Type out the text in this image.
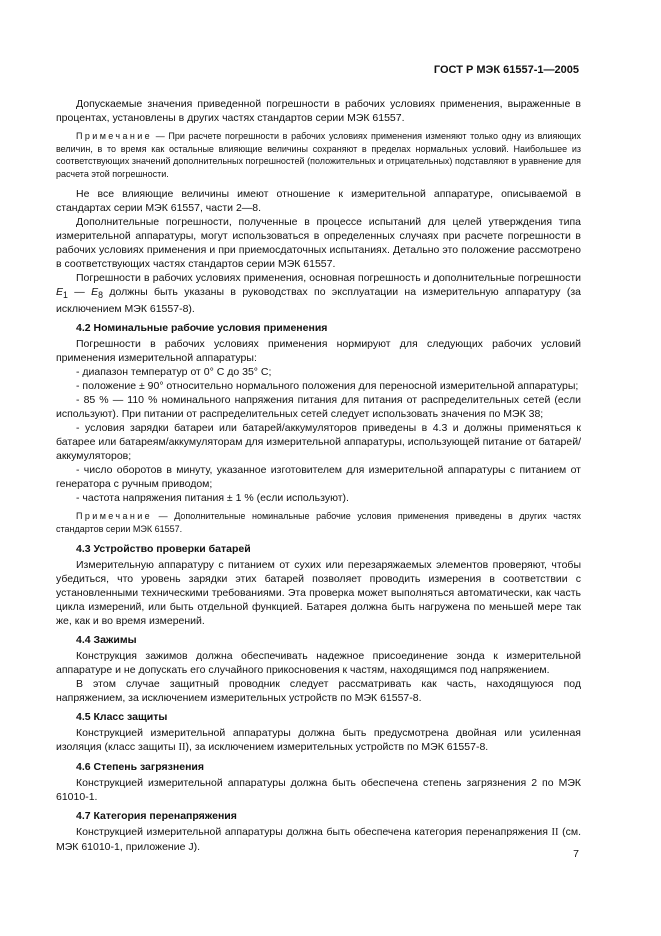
ГОСТ Р МЭК 61557-1—2005

Допускаемые значения приведенной погрешности в рабочих условиях применения, выраженные в процентах, установлены в других частях стандартов серии МЭК 61557.

Примечание — При расчете погрешности в рабочих условиях применения изменяют только одну из влияющих величин, в то время как остальные влияющие величины сохраняют в пределах нормальных условий. Наибольшее из соответствующих значений дополнительных погрешностей (положительных и отрицательных) подставляют в уравнение для расчета этой погрешности.

Не все влияющие величины имеют отношение к измерительной аппаратуре, описываемой в стандартах серии МЭК 61557, части 2—8.

Дополнительные погрешности, полученные в процессе испытаний для целей утверждения типа измерительной аппаратуры, могут использоваться в определенных случаях при расчете погрешности в рабочих условиях применения и при приемосдаточных испытаниях. Детально это положение рассмотрено в соответствующих частях стандартов серии МЭК 61557.

Погрешности в рабочих условиях применения, основная погрешность и дополнительные погрешности $E_1$ — $E_8$ должны быть указаны в руководствах по эксплуатации на измерительную аппаратуру (за исключением МЭК 61557-8).

4.2 Номинальные рабочие условия применения

Погрешности в рабочих условиях применения нормируют для следующих рабочих условий применения измерительной аппаратуры:

- диапазон температур от 0° С до 35° С;

- положение ± 90° относительно нормального положения для переносной измерительной аппаратуры;

- 85 % — 110 % номинального напряжения питания для питания от распределительных сетей (если используют). При питании от распределительных сетей следует использовать значения по МЭК 38;

- условия зарядки батареи или батарей/аккумуляторов приведены в 4.3 и должны применяться к батарее или батареям/аккумуляторам для измерительной аппаратуры, использующей питание от батарей/аккумуляторов;

- число оборотов в минуту, указанное изготовителем для измерительной аппаратуры с питанием от генератора с ручным приводом;

- частота напряжения питания ± 1 % (если используют).

Примечание — Дополнительные номинальные рабочие условия применения приведены в других частях стандартов серии МЭК 61557.

4.3 Устройство проверки батарей

Измерительную аппаратуру с питанием от сухих или перезаряжаемых элементов проверяют, чтобы убедиться, что уровень зарядки этих батарей позволяет проводить измерения в соответствии с установленными техническими требованиями. Эта проверка может выполняться автоматически, как часть цикла измерений, или быть отдельной функцией. Батарея должна быть нагружена по меньшей мере так же, как и во время измерений.

4.4 Зажимы

Конструкция зажимов должна обеспечивать надежное присоединение зонда к измерительной аппаратуре и не допускать его случайного прикосновения к частям, находящимся под напряжением.

В этом случае защитный проводник следует рассматривать как часть, находящуюся под напряжением, за исключением измерительных устройств по МЭК 61557-8.

4.5 Класс защиты

Конструкцией измерительной аппаратуры должна быть предусмотрена двойная или усиленная изоляция (класс защиты II), за исключением измерительных устройств по МЭК 61557-8.

4.6 Степень загрязнения

Конструкцией измерительной аппаратуры должна быть обеспечена степень загрязнения 2 по МЭК 61010-1.

4.7 Категория перенапряжения

Конструкцией измерительной аппаратуры должна быть обеспечена категория перенапряжения II (см. МЭК 61010-1, приложение J).

7
